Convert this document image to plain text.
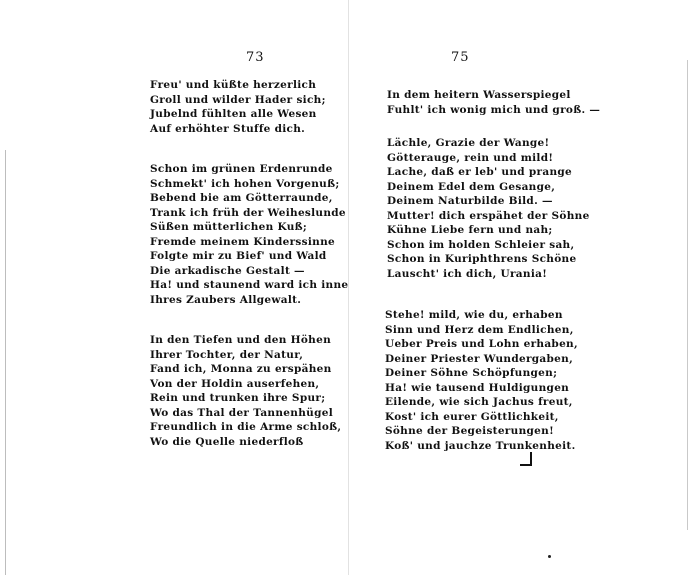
73
Freu' und küßte herzerlich
Groll und wilder Hader sich;
Jubelnd fühlten alle Wesen
Auf erhöhter Stuffe dich.
Schon im grünen Erdenrunde
Schmekt' ich hohen Vorgenuß;
Bebend bie am Götterraunde,
Trank ich früh der Weiheslunde
Süßen mütterlichen Kuß;
Fremde meinem Kinderssinne
Folgte mir zu Bief' und Wald
Die arkadische Gestalt —
Ha! und staunend ward ich inne
Ihres Zaubers Allgewalt.
In den Tiefen und den Höhen
Ihrer Tochter, der Natur,
Fand ich, Monna zu erspähen
Von der Holdin auserfehen,
Rein und trunken ihre Spur;
Wo das Thal der Tannenhügel
Freundlich in die Arme schloß,
Wo die Quelle niederfloß
75
In dem heitern Wasserspiegel
Fuhlt' ich wonig mich und groß. —
Lächle, Grazie der Wange!
Götterauge, rein und mild!
Lache, daß er leb' und prange
Deinem Edel dem Gesange,
Deinem Naturbilde Bild. —
Mutter! dich erspähet der Söhne
Kühne Liebe fern und nah;
Schon im holden Schleier sah,
Schon in Kuriphthrens Schöne
Lauscht' ich dich, Urania!
Stehe! mild, wie du, erhaben
Sinn und Herz dem Endlichen,
Ueber Preis und Lohn erhaben,
Deiner Priester Wundergaben,
Deiner Söhne Schöpfungen;
Ha! wie tausend Huldigungen
Eilende, wie sich Jachus freut,
Kost' ich eurer Göttlichkeit,
Söhne der Begeisterungen!
Koß' und jauchze Trunkenheit.
